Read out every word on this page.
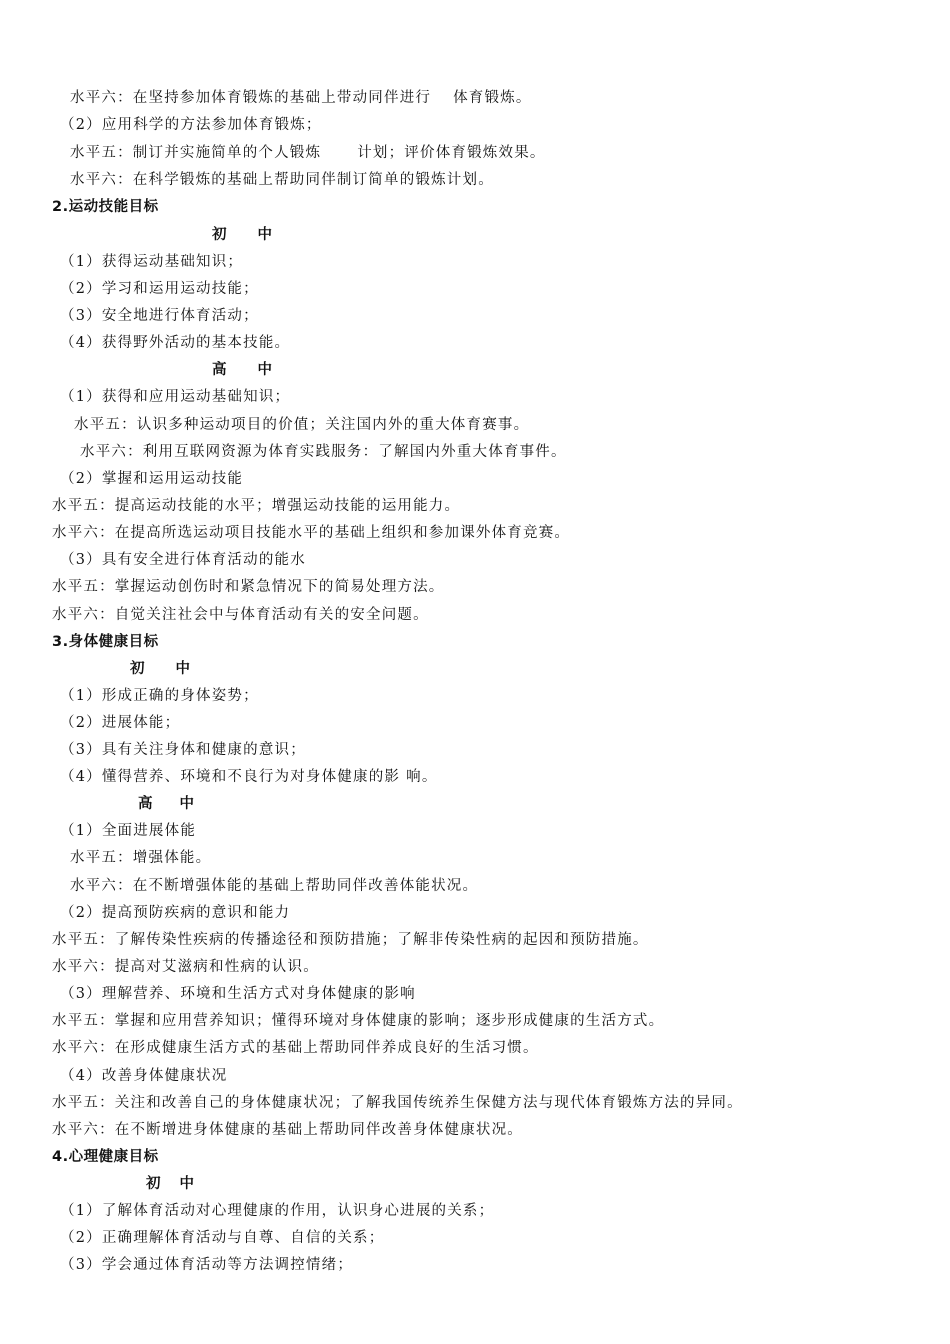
水平六：在坚持参加体育锻炼的基础上带动同伴进行 体育锻炼。
（2）应用科学的方法参加体育锻炼；
水平五：制订并实施简单的个人锻炼 计划；评价体育锻炼效果。
水平六：在科学锻炼的基础上帮助同伴制订简单的锻炼计划。
2.运动技能目标
初 中
（1）获得运动基础知识；
（2）学习和运用运动技能；
（3）安全地进行体育活动；
（4）获得野外活动的基本技能。
高 中
（1）获得和应用运动基础知识；
水平五：认识多种运动项目的价值；关注国内外的重大体育赛事。
水平六：利用互联网资源为体育实践服务：了解国内外重大体育事件。
（2）掌握和运用运动技能
水平五：提高运动技能的水平；增强运动技能的运用能力。
水平六：在提高所选运动项目技能水平的基础上组织和参加课外体育竞赛。
（3）具有安全进行体育活动的能水
水平五：掌握运动创伤时和紧急情况下的简易处理方法。
水平六：自觉关注社会中与体育活动有关的安全问题。
3.身体健康目标
初 中
（1）形成正确的身体姿势；
（2）进展体能；
（3）具有关注身体和健康的意识；
（4）懂得营养、环境和不良行为对身体健康的影 响。
高 中
（1）全面进展体能
水平五：增强体能。
水平六：在不断增强体能的基础上帮助同伴改善体能状况。
（2）提高预防疾病的意识和能力
水平五：了解传染性疾病的传播途径和预防措施；了解非传染性病的起因和预防措施。
水平六：提高对艾滋病和性病的认识。
（3）理解营养、环境和生活方式对身体健康的影响
水平五：掌握和应用营养知识；懂得环境对身体健康的影响；逐步形成健康的生活方式。
水平六：在形成健康生活方式的基础上帮助同伴养成良好的生活习惯。
（4）改善身体健康状况
水平五：关注和改善自己的身体健康状况；了解我国传统养生保健方法与现代体育锻炼方法的异同。
水平六：在不断增进身体健康的基础上帮助同伴改善身体健康状况。
4.心理健康目标
初 中
（1）了解体育活动对心理健康的作用，认识身心进展的关系；
（2）正确理解体育活动与自尊、自信的关系；
（3）学会通过体育活动等方法调控情绪；
